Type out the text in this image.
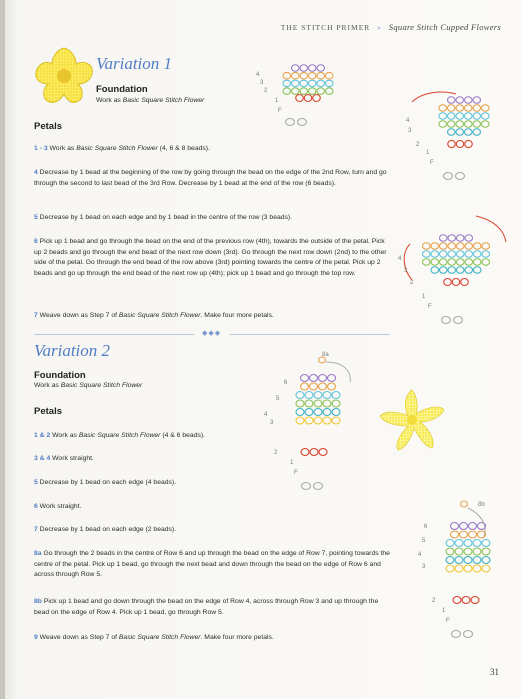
THE STITCH PRIMER » Square Stitch Cupped Flowers
Variation 1
Foundation
Work as Basic Square Stitch Flower
Petals
1 - 3 Work as Basic Square Stitch Flower (4, 6 & 8 beads).
4 Decrease by 1 bead at the beginning of the row by going through the bead on the edge of the 2nd Row, turn and go through the second to last bead of the 3rd Row. Decrease by 1 bead at the end of the row (6 beads).
5 Decrease by 1 bead on each edge and by 1 bead in the centre of the row (3 beads).
6 Pick up 1 bead and go through the bead on the end of the previous row (4th), towards the outside of the petal. Pick up 2 beads and go through the end bead of the next row down (3rd). Go through the next row down (2nd) to the other side of the petal. Go through the end bead of the row above (3rd) pointing towards the centre of the petal. Pick up 2 beads and go up through the end bead of the next row up (4th); pick up 1 bead and go through the top row.
7 Weave down as Step 7 of Basic Square Stitch Flower. Make four more petals.
◆◆◆
Variation 2
Foundation
Work as Basic Square Stitch Flower
Petals
1 & 2 Work as Basic Square Stitch Flower (4 & 6 beads).
3 & 4 Work straight.
5 Decrease by 1 bead on each edge (4 beads).
6 Work straight.
7 Decrease by 1 bead on each edge (2 beads).
8a Go through the 2 beads in the centre of Row 6 and up through the bead on the edge of Row 7, pointing towards the centre of the petal. Pick up 1 bead, go through the next bead and down through the bead on the edge of Row 6 and across through Row 5.
8b Pick up 1 bead and go down through the bead on the edge of Row 4, across through Row 3 and up through the bead on the edge of Row 4. Pick up 1 bead, go through Row 5.
9 Weave down as Step 7 of Basic Square Stitch Flower. Make four more petals.
4
3
2
1
F
4
3
2
1
F
4
3
2
1
F
8a
6
5
4
3
2
1
F
8b
6
5
4
3
2
1
F
31
